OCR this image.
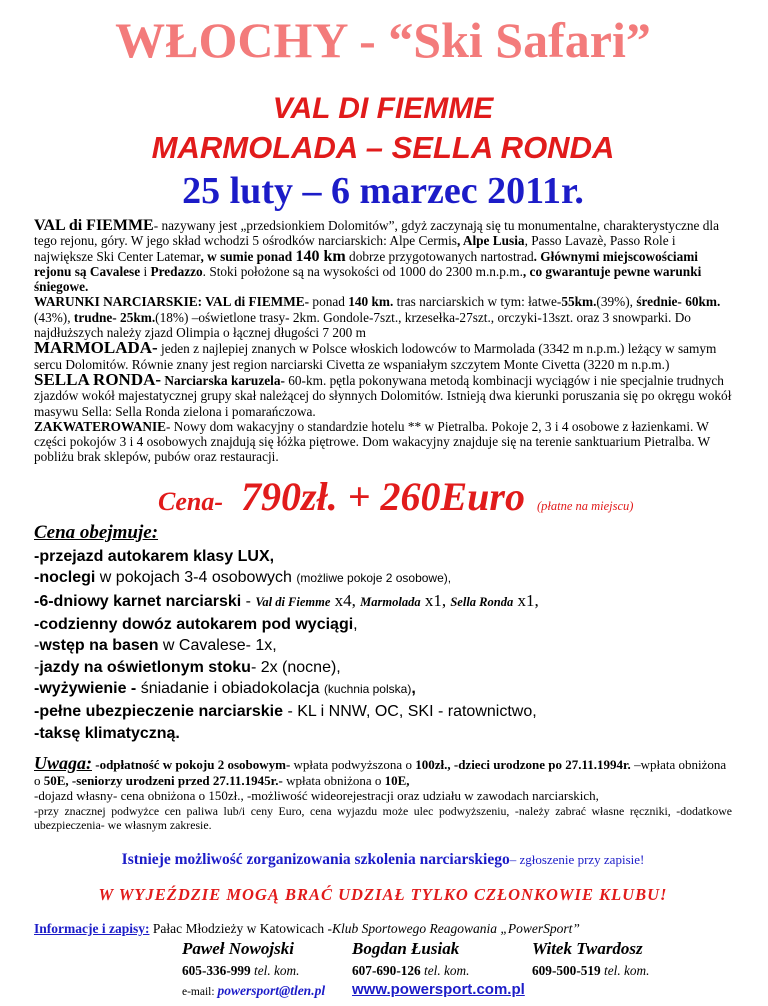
WŁOCHY - “Ski Safari”
VAL DI FIEMME
MARMOLADA – SELLA RONDA
25 luty – 6 marzec 2011r.

VAL di FIEMME- nazywany jest „przedsionkiem Dolomitów”, gdyż zaczynają się tu monumentalne, charakterystyczne dla tego rejonu, góry. W jego skład wchodzi 5 ośrodków narciarskich: Alpe Cermis, Alpe Lusia, Passo Lavazè, Passo Role i największe Ski Center Latemar, w sumie ponad 140 km dobrze przygotowanych nartostrad. Głównymi miejscowościami rejonu są Cavalese i Predazzo. Stoki położone są na wysokości od 1000 do 2300 m.n.p.m., co gwarantuje pewne warunki śniegowe.

WARUNKI NARCIARSKIE: VAL di FIEMME- ponad 140 km. tras narciarskich w tym: łatwe-55km.(39%), średnie- 60km.(43%), trudne- 25km.(18%) –oświetlone trasy- 2km. Gondole-7szt., krzesełka-27szt., orczyki-13szt. oraz 3 snowparki. Do najdłuższych należy zjazd Olimpia o łącznej długości 7 200 m

MARMOLADA- jeden z najlepiej znanych w Polsce włoskich lodowców to Marmolada (3342 m n.p.m.) leżący w samym sercu Dolomitów. Równie znany jest region narciarski Civetta ze wspaniałym szczytem Monte Civetta (3220 m n.p.m.)

SELLA RONDA- Narciarska karuzela- 60-km. pętla pokonywana metodą kombinacji wyciągów i nie specjalnie trudnych zjazdów wokół majestatycznej grupy skał należącej do słynnych Dolomitów. Istnieją dwa kierunki poruszania się po okręgu wokół masywu Sella: Sella Ronda zielona i pomarańczowa.

ZAKWATEROWANIE- Nowy dom wakacyjny o standardzie hotelu ** w Pietralba. Pokoje 2, 3 i 4 osobowe z łazienkami. W części pokojów 3 i 4 osobowych znajdują się łóżka piętrowe. Dom wakacyjny znajduje się na terenie sanktuarium Pietralba. W pobliżu brak sklepów, pubów oraz restauracji.

Cena- 790zł. + 260Euro (płatne na miejscu)
Cena obejmuje:
-przejazd autokarem klasy LUX,
-noclegi w pokojach 3-4 osobowych (możliwe pokoje 2 osobowe),
-6-dniowy karnet narciarski - Val di Fiemme x4, Marmolada x1, Sella Ronda x1,
-codzienny dowóz autokarem pod wyciągi,
-wstęp na basen w Cavalese- 1x,
-jazdy na oświetlonym stoku- 2x (nocne),
-wyżywienie - śniadanie i obiadokolacja (kuchnia polska),
-pełne ubezpieczenie narciarskie - KL i NNW, OC, SKI - ratownictwo,
-taksę klimatyczną.
Uwaga: -odpłatność w pokoju 2 osobowym- wpłata podwyższona o 100zł., -dzieci urodzone po 27.11.1994r. –wpłata obniżona o 50E, -seniorzy urodzeni przed 27.11.1945r.- wpłata obniżona o 10E,
-dojazd własny- cena obniżona o 150zł., -możliwość wideorejestracji oraz udziału w zawodach narciarskich,
-przy znacznej podwyżce cen paliwa lub/i ceny Euro, cena wyjazdu może ulec podwyższeniu, -należy zabrać własne ręczniki, -dodatkowe ubezpieczenia- we własnym zakresie.
Istnieje możliwość zorganizowania szkolenia narciarskiego– zgłoszenie przy zapisie!
W WYJEŹDZIE MOGĄ BRAĆ UDZIAŁ TYLKO CZŁONKOWIE KLUBU!
Informacje i zapisy: Pałac Młodzieży w Katowicach -Klub Sportowego Reagowania „PowerSport”
Paweł Nowojski
605-336-999 tel. kom.
e-mail: powersport@tlen.pl
Bogdan Łusiak
607-690-126 tel. kom.
www.powersport.com.pl
Witek Twardosz
609-500-519 tel. kom.
